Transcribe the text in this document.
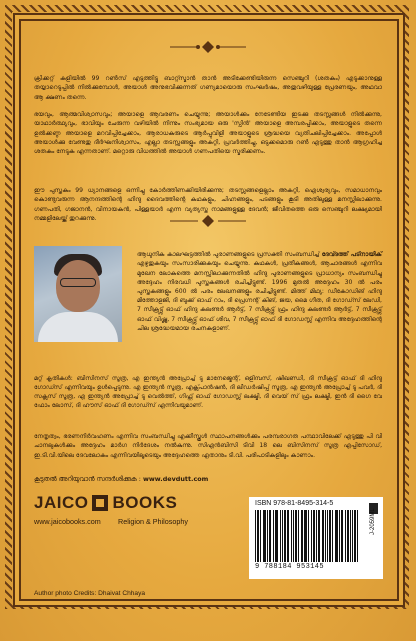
ക്രിക്കറ്റ് കളിയിൽ 99 റൺസ് എടുത്തിട്ടു ബാറ്റ്സ്മാൻ താൻ അടിക്കേണ്ടിയിരുന്ന സെഞ്ചുറി (ശതകം) എടുക്കാനുള്ള തയ്യാറെടുപ്പിൽ നിൽക്കുമ്പോൾ, അയാൾ അനുഭവിക്കുന്നത് ഗണ്യമായൊരു സംഘർഷം, അതുവഴിയുള്ള പ്രേരണയും, അഥവാ ആ ക്ഷണം തന്നെ.

ഭയവും, ആത്മവിശ്വാസവും; അയാളെ ആവരണം ചെയ്യുന്നു; അയാൾക്കും നേടേണ്ടിയ ഇടക്കു തടസ്സങ്ങൾ നിൽക്കുന്നു, യാഥാർത്ഥ്യവും, ഭാവിയും ചേരുന്ന വഴിയിൽ നിന്നും സംഭ്യമായ ഒരു 'സ്പിൻ' അയാളെ അമ്പരപ്പിക്കാം, അയാളുടെ തന്നെ ഉൽക്കണ്ഠ അയാളെ മറവിപ്പിച്ചേക്കാം, ആരാധകരുടെ ആർപ്പുവിളി അയാളുടെ ശ്രദ്ധയെ വ്യതിചലിപ്പിച്ചേക്കാം. അപ്പോൾ അയാൾക്കു വേണ്ടതു ദീർഘനിശ്വാസം, എല്ലാ തടസ്സങ്ങളും അകറ്റി, പ്രവർത്തിച്ചു, ഒടുക്കമൊരു റൺ എടുത്തു താൻ ആഗ്രഹിച്ച ശതകം നേടുക എന്നതാണ്. മറ്റൊരു വിധത്തിൽ അയാൾ ഗണപതിയെ സ്മരിക്കണം.

ഈ പുസ്തകം 99 ധ്യാനങ്ങളെ ഒന്നിച്ചു കോർത്തിണക്കിയിരിക്കുന്നു; തടസ്സങ്ങളെല്ലാം അകറ്റി, ഐശ്വര്യവും, സമാധാനവും കൊണ്ടുവരുന്ന ആനന്ദത്തിന്റെ ഹിന്ദു ദൈവത്തിന്റെ കഥകളും, ചിഹ്നങ്ങളും, പടങ്ങളും കൂടി അതിലുള്ള മനസ്സിലാക്കുന്നു. ഗണപതി, ഗജാനൻ, വിനായകൻ, പിള്ളയാർ എന്ന വ്യത്യസ്ത നാമങ്ങളുള്ള ദേവൻ; ജീവിതത്തെ ഒരു സെഞ്ചുറി ലക്ഷ്യമായി നമ്മളിലേയ്ക്ക് തുറക്കുന്നു.

ആധുനിക കാലഘട്ടത്തിൽ പുരാണങ്ങളുടെ പ്രസക്തി സംബന്ധിച്ച് ദേവ്ദത്ത് പട്നായിക് എഴുതുകയും സംസാരിക്കുകയും ചെയ്യുന്നു. കഥകൾ, പ്രതീകങ്ങൾ, ആചാരങ്ങൾ എന്നിവ മുഖേന ലോകത്തെ മനസ്സിലാക്കുന്നതിൽ ഹിന്ദു പുരാണങ്ങളുടെ പ്രാധാന്യം സംബന്ധിച്ചു അദ്ദേഹം നിരവധി പുസ്തകങ്ങൾ രചിച്ചിട്ടുണ്ട്. 1996 മുതൽ അദ്ദേഹം 30 ൽ പരം പുസ്തകങ്ങളും 600 ൽ പരം ലേഖനങ്ങളും രചിച്ചിട്ടുണ്ട്. മിത്ത് മിഥ്യ: ഡീകോഡിങ് ഹിന്ദു മിത്തോളജി, ദി ബുക്ക് ഓഫ് റാം, ദി പ്രെഗ്നന്റ് കിങ്, ജയ, മൈ ഗീത, ദി ഗോഡ്സ് ലേഡി, 7 സീക്രട്ട്സ് ഓഫ് ഹിന്ദു കലണ്ടർ ആർട്ട്, 7 സീക്രട്ട്സ് ഫ്രം ഹിന്ദു കലണ്ടർ ആർട്ട്, 7 സീക്രട്ട്സ് ഓഫ് വിഷ്ണു, 7 സീക്രട്ട്സ് ഓഫ് ശിവ, 7 സീക്രട്ട്സ് ഓഫ് ദി ഗോഡസ്സ് എന്നിവ അദ്ദേഹത്തിന്റെ ചില ശ്രദ്ധേയമായ രചനകളാണ്.

മറ്റ് കൃതികൾ: ബിസിനസ് സൂത്ര, എ ഇന്ത്യൻ അപ്രോച്ച് ടു മാനേജ്മെന്റ്, ഒളിമ്പസ്, ഷിഖണ്ഡി, ദി സീക്രട്ട് ഓഫ് ദി ഹിന്ദു ഗോഡ്സ് എന്നിവയും ഉൾപ്പെടുന്നു. എ ഇന്ത്യൻ സൂത്ര, എക്സ്പാൻഷൻ, ദി ലീഡർഷിപ്പ് സൂത്ര, എ ഇന്ത്യൻ അപ്രോച്ച് ടു പവർ, ദി സക്സസ് സൂത്ര, എ ഇന്ത്യൻ അപ്രോച്ച് ടു വെൽത്ത്, ഗിഫ്റ്റ് ഓഫ് ഗോഡസ്സ് ലക്ഷ്മി, ദി വെയ്‌ സ്‌ ഫ്രം ലക്ഷ്മി, ഇൻ ദി ഗൈ വേ ഫോം ലോസ്, ദി ഹൗസ് ഓഫ് ദി ഗോഡ്സ് എന്നിവയുമാണ്.

നേതൃത്വം, ഭരണനിർവഹണം എന്നിവ സംബന്ധിച്ചു എക്കീസ്കൂൾ സ്ഥാപനങ്ങൾക്കും പരമ്പരാഗത പന്ഥാവിലേക്ക് എടുത്തു പി വി ചാനലുകൾക്കും അദ്ദേഹം മാർഗ നിർദേശം നൽകുന്നു. സിഎൻബിസി ടിവി 18 ലെ ബിസിനസ് സൂത്ര എപ്പിസോഡ്, ഇ.ടി.വി.യിലെ ദേവലോകം എന്നിവയിലൂടെയും അദ്ദേഹത്തെ ഏതാനും ടി.വി. പരിപാടികളിലും കാണാം.

കൂടുതൽ അറിയുവാൻ സന്ദർശിക്കുക : www.devdutt.com
JAICO BOOKS
www.jaicobooks.com Religion & Philosophy
ISBN 978-81-8495-314-5
9 788184 953145
J-2059ML
Author photo Credits: Dhaivat Chhaya
